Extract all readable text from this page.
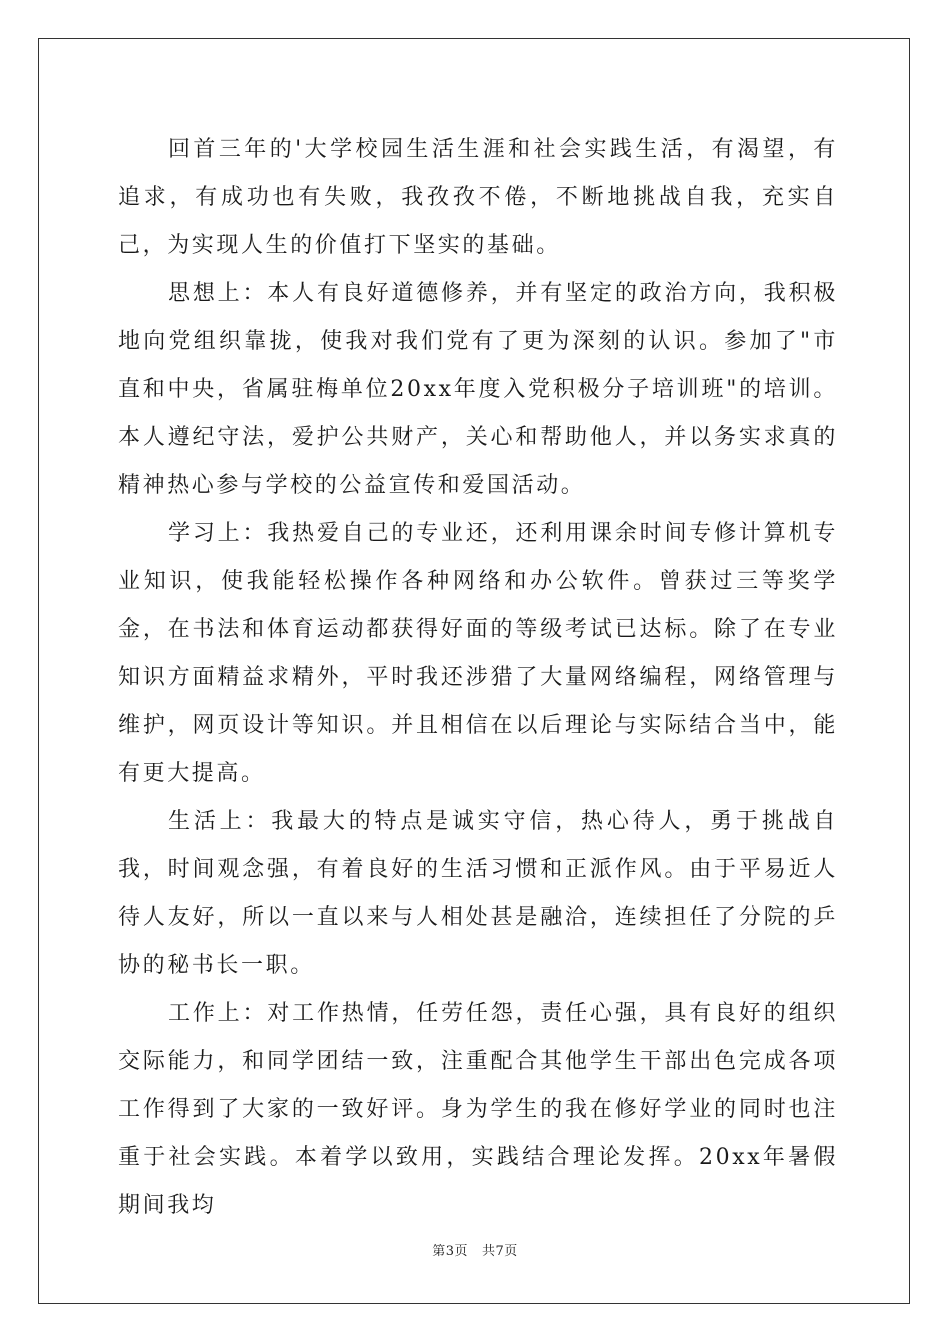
回首三年的'大学校园生活生涯和社会实践生活，有渴望，有追求，有成功也有失败，我孜孜不倦，不断地挑战自我，充实自己，为实现人生的价值打下坚实的基础。

思想上：本人有良好道德修养，并有坚定的政治方向，我积极地向党组织靠拢，使我对我们党有了更为深刻的认识。参加了"市直和中央，省属驻梅单位20xx年度入党积极分子培训班"的培训。本人遵纪守法，爱护公共财产，关心和帮助他人，并以务实求真的精神热心参与学校的公益宣传和爱国活动。

学习上：我热爱自己的专业还，还利用课余时间专修计算机专业知识，使我能轻松操作各种网络和办公软件。曾获过三等奖学金，在书法和体育运动都获得好面的等级考试已达标。除了在专业知识方面精益求精外，平时我还涉猎了大量网络编程，网络管理与维护，网页设计等知识。并且相信在以后理论与实际结合当中，能有更大提高。

生活上：我最大的特点是诚实守信，热心待人，勇于挑战自我，时间观念强，有着良好的生活习惯和正派作风。由于平易近人待人友好，所以一直以来与人相处甚是融洽，连续担任了分院的乒协的秘书长一职。

工作上：对工作热情，任劳任怨，责任心强，具有良好的组织交际能力，和同学团结一致，注重配合其他学生干部出色完成各项工作得到了大家的一致好评。身为学生的我在修好学业的同时也注重于社会实践。本着学以致用，实践结合理论发挥。20xx年暑假期间我均

第3页 共7页
